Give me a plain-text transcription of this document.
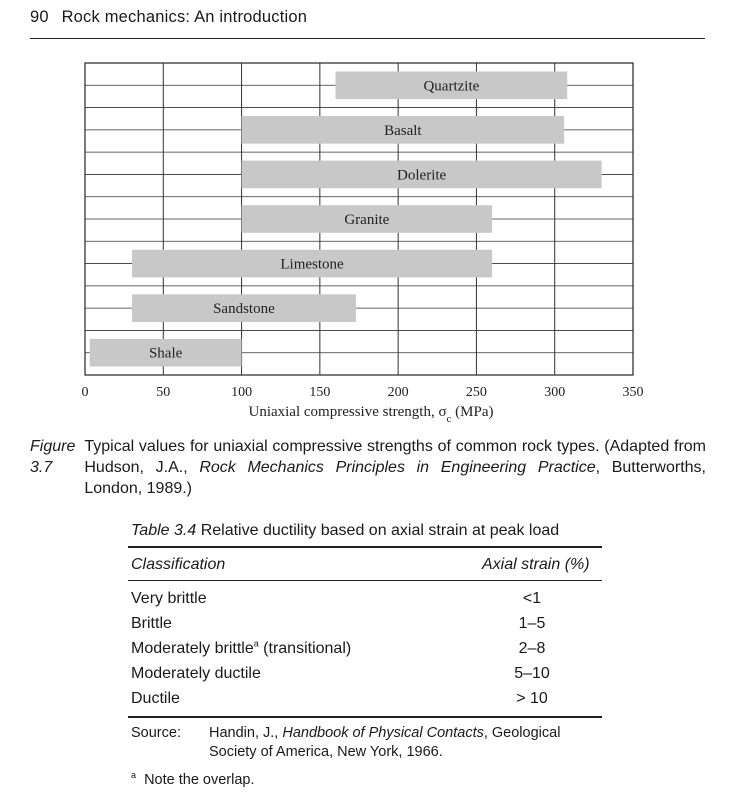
90 Rock mechanics: An introduction
Quartzite
Basalt
Dolerite
Granite
Limestone
Sandstone
Shale
0	50	100	150	200	250	300	350
Uniaxial compressive strength, $\sigma_c$ (MPa)
Figure 3.7
Typical values for uniaxial compressive strengths of common rock types. (Adapted from Hudson, J.A., Rock Mechanics Principles in Engineering Practice, Butterworths, London, 1989.)
Table 3.4 Relative ductility based on axial strain at peak load
Classification	Axial strain (%)
Very brittle	<1
Brittle	1–5
Moderately brittle$^a$ (transitional)	2–8
Moderately ductile	5–10
Ductile	> 10
Source:	Handin, J., Handbook of Physical Contacts, Geological Society of America, New York, 1966.
$^a$ Note the overlap.
